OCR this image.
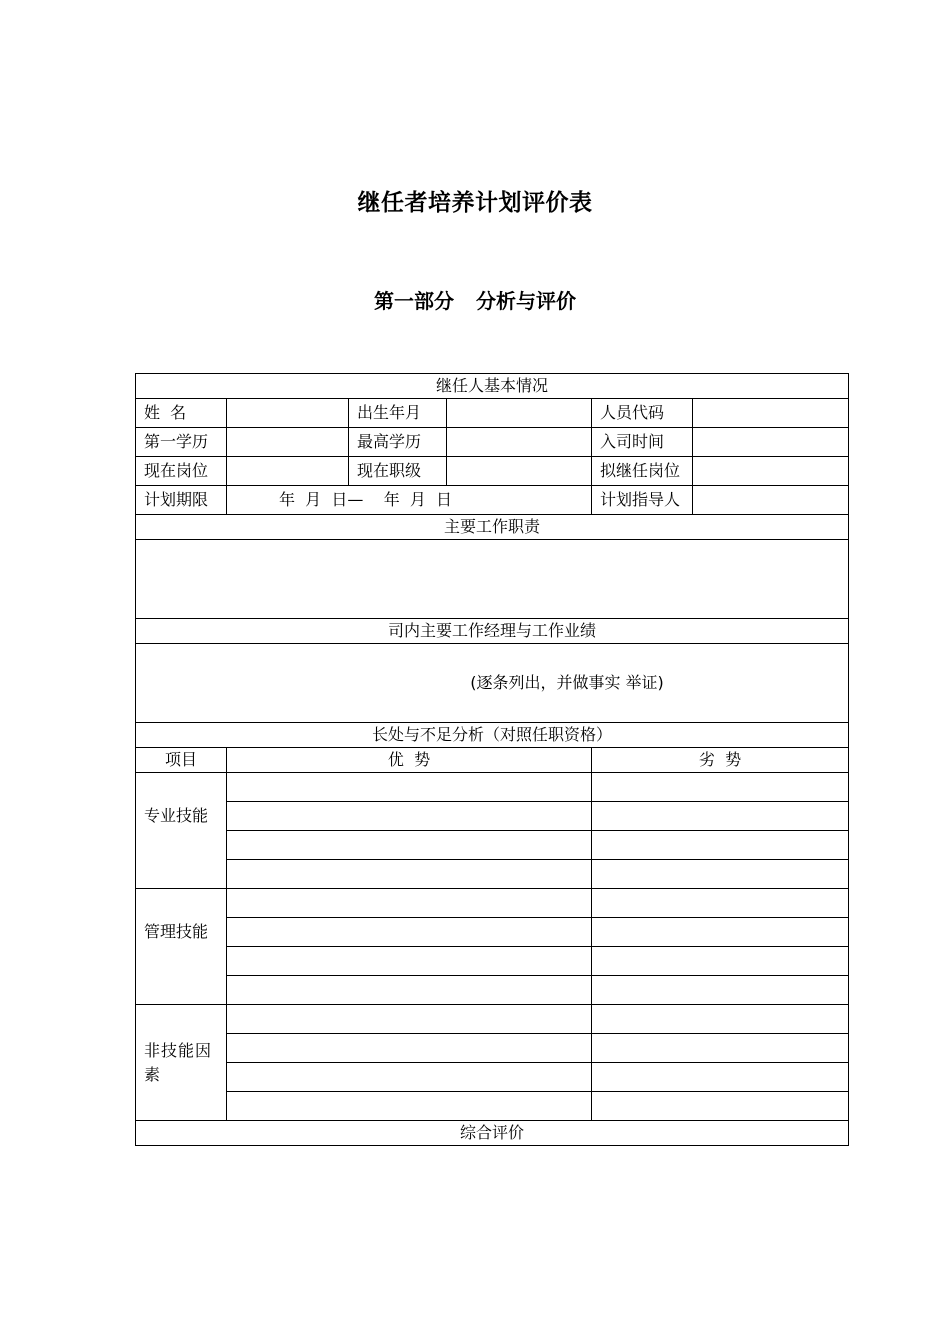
继任者培养计划评价表
第一部分 分析与评价
继任人基本情况					
姓  名		出生年月		人员代码	
第一学历		最高学历		入司时间	
现在岗位		现在职级		拟继任岗位	
计划期限	年  月  日—    年  月  日			计划指导人	
主要工作职责					

司内主要工作经理与工作业绩					

(逐条列出，并做事实 举证)					

长处与不足分析（对照任职资格）					
项目	优  势			劣  势	
专业技能					

管理技能					

非技能因素					

综合评价					
